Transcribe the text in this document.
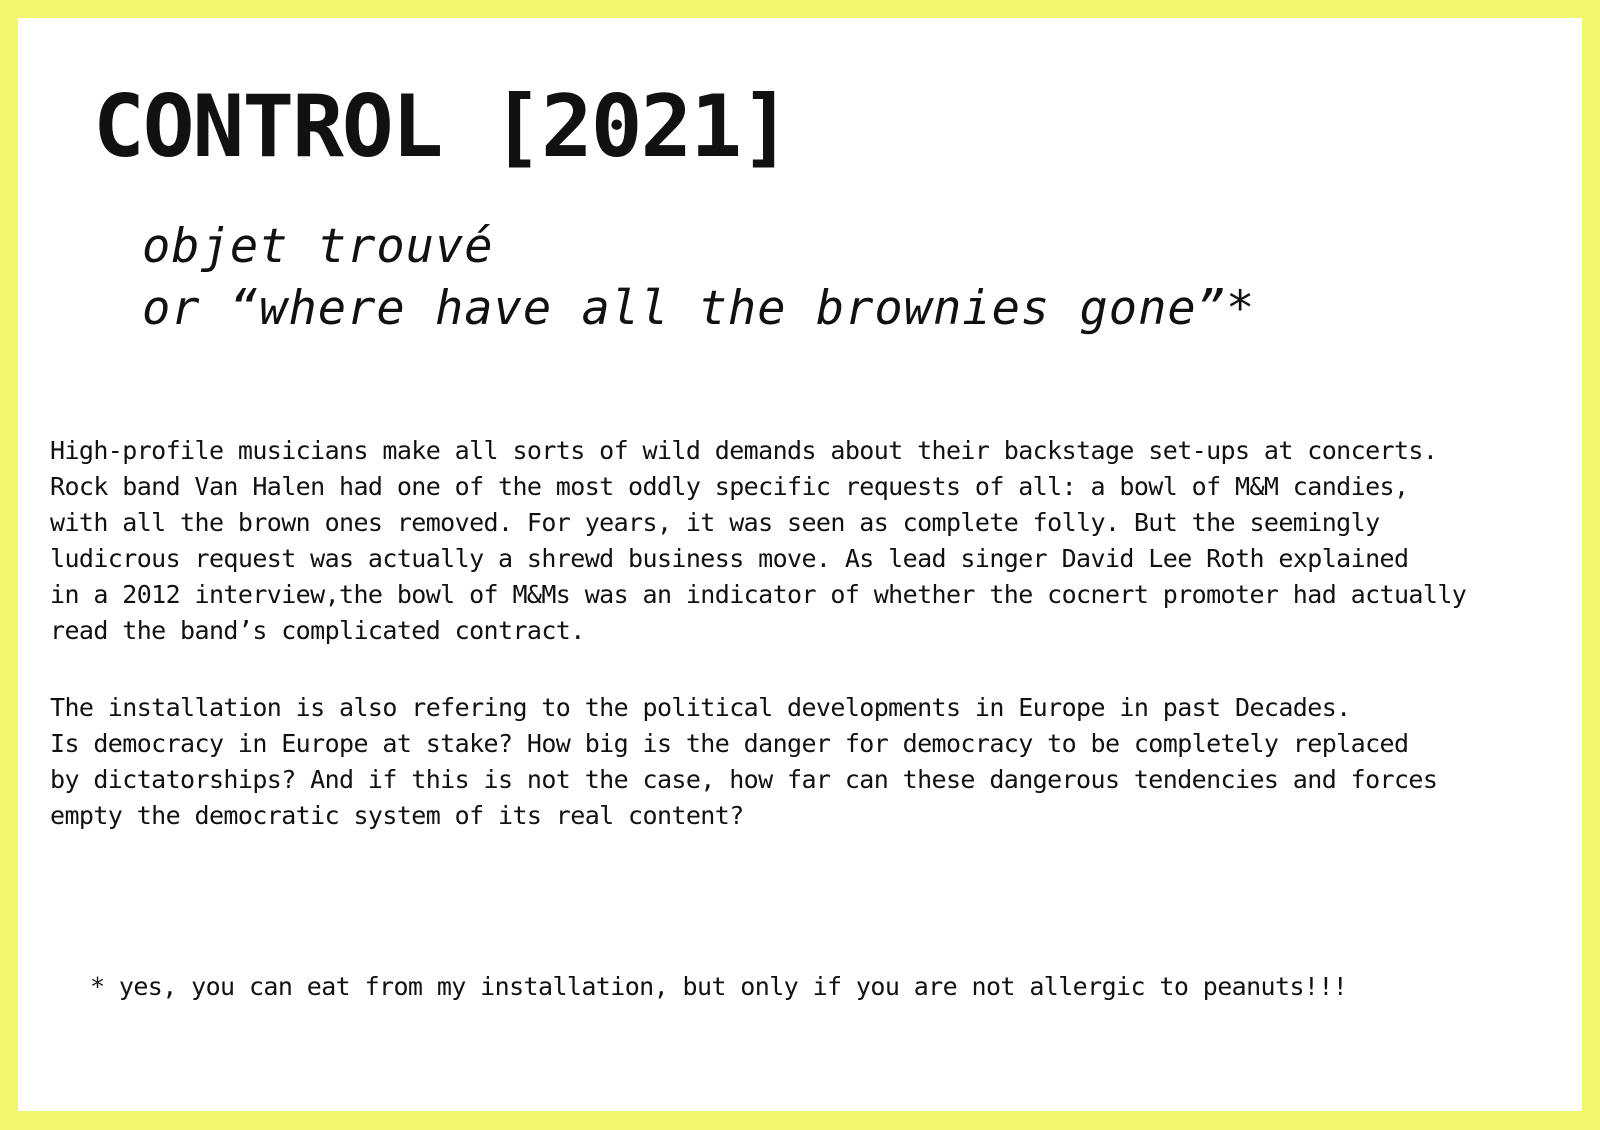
CONTROL [2021]

objet trouvé
or “where have all the brownies gone”*

High-profile musicians make all sorts of wild demands about their backstage set-ups at concerts.
Rock band Van Halen had one of the most oddly specific requests of all: a bowl of M&M candies,
with all the brown ones removed. For years, it was seen as complete folly. But the seemingly
ludicrous request was actually a shrewd business move. As lead singer David Lee Roth explained
in a 2012 interview,the bowl of M&Ms was an indicator of whether the cocnert promoter had actually
read the band’s complicated contract.

The installation is also refering to the political developments in Europe in past Decades.
Is democracy in Europe at stake? How big is the danger for democracy to be completely replaced
by dictatorships? And if this is not the case, how far can these dangerous tendencies and forces
empty the democratic system of its real content?

* yes, you can eat from my installation, but only if you are not allergic to peanuts!!!
